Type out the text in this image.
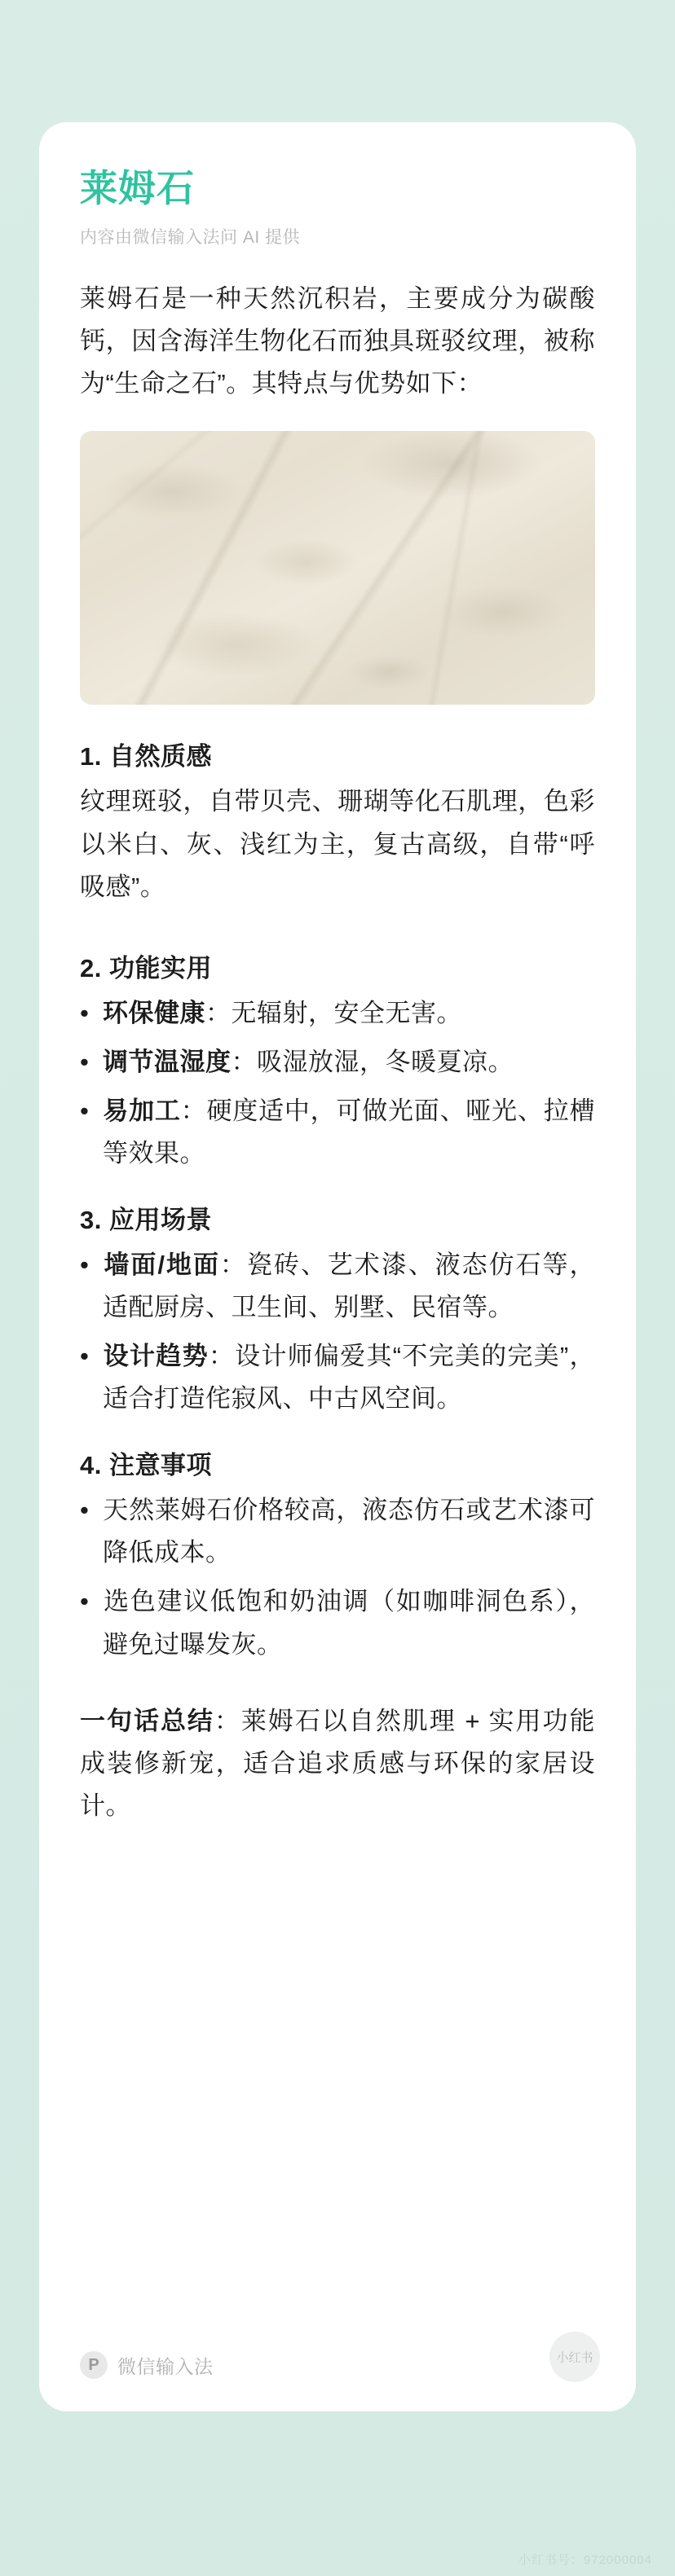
莱姆石
内容由微信输入法问 AI 提供

莱姆石是一种天然沉积岩，主要成分为碳酸钙，因含海洋生物化石而独具斑驳纹理，被称为“生命之石”。其特点与优势如下：

1. 自然质感

纹理斑驳，自带贝壳、珊瑚等化石肌理，色彩以米白、灰、浅红为主，复古高级，自带“呼吸感”。

2. 功能实用

• 环保健康：无辐射，安全无害。

• 调节温湿度：吸湿放湿，冬暖夏凉。

• 易加工：硬度适中，可做光面、哑光、拉槽等效果。

3. 应用场景

• 墙面/地面：瓷砖、艺术漆、液态仿石等，适配厨房、卫生间、别墅、民宿等。

• 设计趋势：设计师偏爱其“不完美的完美”，适合打造侘寂风、中古风空间。

4. 注意事项

• 天然莱姆石价格较高，液态仿石或艺术漆可降低成本。

• 选色建议低饱和奶油调（如咖啡洞色系），避免过曝发灰。

一句话总结：莱姆石以自然肌理 + 实用功能成装修新宠，适合追求质感与环保的家居设计。

P 微信输入法	小红书
小红书号：972000004
